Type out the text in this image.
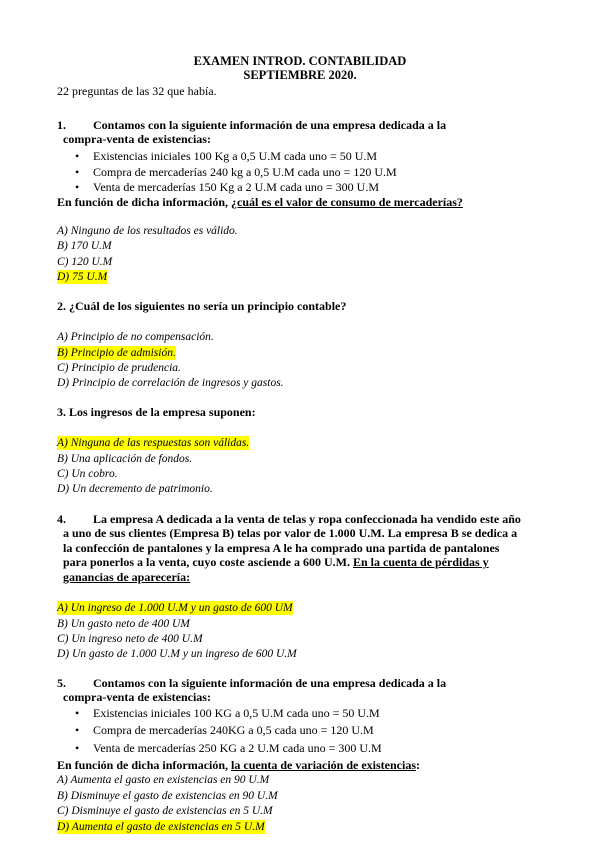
EXAMEN INTROD. CONTABILIDAD
SEPTIEMBRE 2020.
22 preguntas de las 32 que había.
1. Contamos con la siguiente información de una empresa dedicada a la
compra-venta de existencias:
• Existencias iniciales 100 Kg a 0,5 U.M cada uno = 50 U.M
• Compra de mercaderías 240 kg a 0,5 U.M cada uno = 120 U.M
• Venta de mercaderías 150 Kg a 2 U.M cada uno = 300 U.M
En función de dicha información, ¿cuál es el valor de consumo de mercaderías?
A) Ninguno de los resultados es válido.
B) 170 U.M
C) 120 U.M
D) 75 U.M
2. ¿Cuál de los siguientes no sería un principio contable?
A) Principio de no compensación.
B) Principio de admisión.
C) Principio de prudencia.
D) Principio de correlación de ingresos y gastos.
3. Los ingresos de la empresa suponen:
A) Ninguna de las respuestas son válidas.
B) Una aplicación de fondos.
C) Un cobro.
D) Un decremento de patrimonio.
4. La empresa A dedicada a la venta de telas y ropa confeccionada ha vendido este año
a uno de sus clientes (Empresa B) telas por valor de 1.000 U.M. La empresa B se dedica a
la confección de pantalones y la empresa A le ha comprado una partida de pantalones
para ponerlos a la venta, cuyo coste asciende a 600 U.M. En la cuenta de pérdidas y
ganancias de aparecería:
A) Un ingreso de 1.000 U.M y un gasto de 600 UM
B) Un gasto neto de 400 UM
C) Un ingreso neto de 400 U.M
D) Un gasto de 1.000 U.M y un ingreso de 600 U.M
5. Contamos con la siguiente información de una empresa dedicada a la
compra-venta de existencias:
• Existencias iniciales 100 KG a 0,5 U.M cada uno = 50 U.M
• Compra de mercaderías 240KG a 0,5 cada uno = 120 U.M
• Venta de mercaderías 250 KG a 2 U.M cada uno = 300 U.M
En función de dicha información, la cuenta de variación de existencias:
A) Aumenta el gasto en existencias en 90 U.M
B) Disminuye el gasto de existencias en 90 U.M
C) Disminuye el gasto de existencias en 5 U.M
D) Aumenta el gasto de existencias en 5 U.M
